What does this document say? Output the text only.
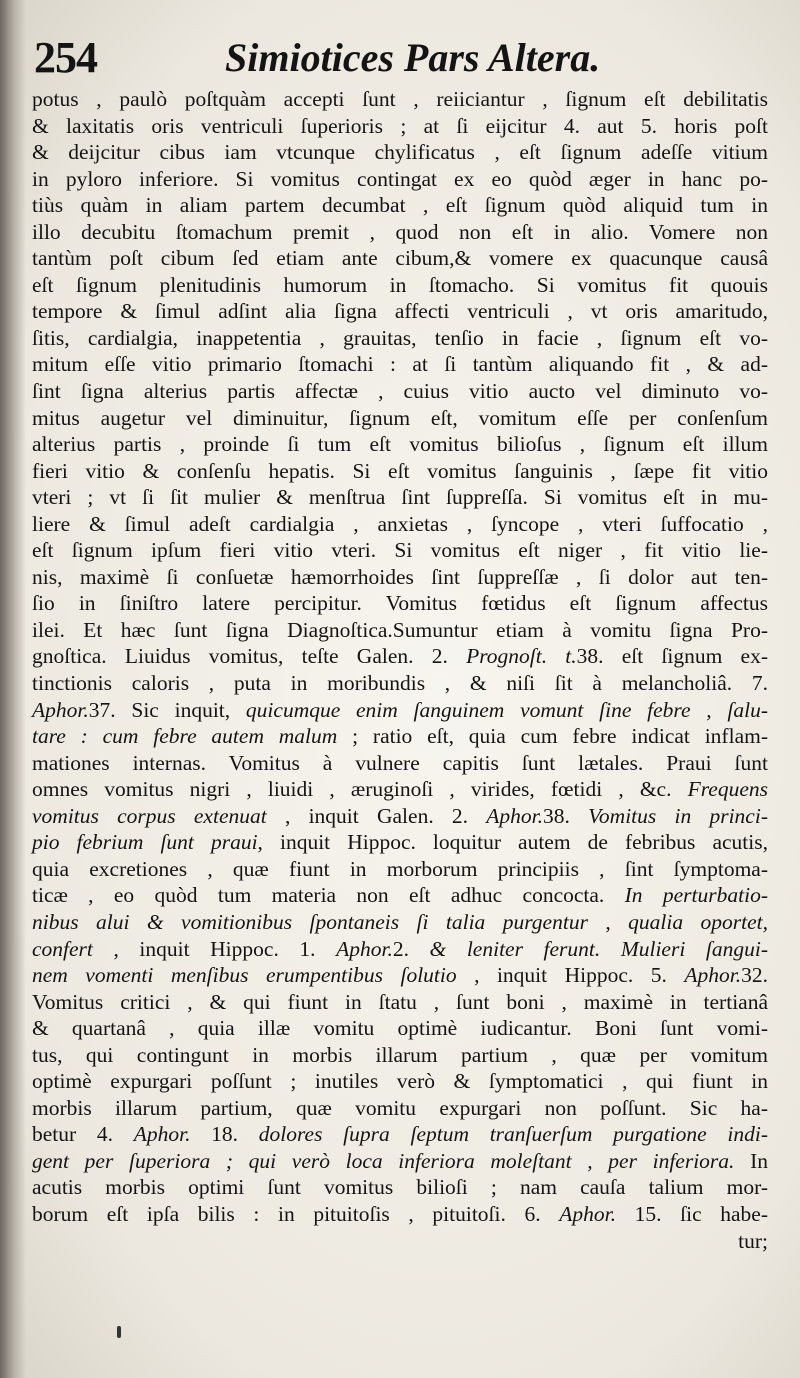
254	Simiotices Pars Altera.
potus , paulò poſtquàm accepti ſunt , reiiciantur , ſignum eſt debilitatis
& laxitatis oris ventriculi ſuperioris ; at ſi eijcitur 4. aut 5. horis poſt
& deijcitur cibus iam vtcunque chylificatus , eſt ſignum adeſſe vitium
in pyloro inferiore. Si vomitus contingat ex eo quòd æger in hanc po-
tiùs quàm in aliam partem decumbat , eſt ſignum quòd aliquid tum in
illo decubitu ſtomachum premit , quod non eſt in alio. Vomere non
tantùm poſt cibum ſed etiam ante cibum,& vomere ex quacunque causâ
eſt ſignum plenitudinis humorum in ſtomacho. Si vomitus fit quouis
tempore & ſimul adſint alia ſigna affecti ventriculi , vt oris amaritudo,
ſitis, cardialgia, inappetentia , grauitas, tenſio in facie , ſignum eſt vo-
mitum eſſe vitio primario ſtomachi : at ſi tantùm aliquando fit , & ad-
ſint ſigna alterius partis affectæ , cuius vitio aucto vel diminuto vo-
mitus augetur vel diminuitur, ſignum eſt, vomitum eſſe per conſenſum
alterius partis , proinde ſi tum eſt vomitus bilioſus , ſignum eſt illum
fieri vitio & conſenſu hepatis. Si eſt vomitus ſanguinis , ſæpe fit vitio
vteri ; vt ſi ſit mulier & menſtrua ſint ſuppreſſa. Si vomitus eſt in mu-
liere & ſimul adeſt cardialgia , anxietas , ſyncope , vteri ſuffocatio ,
eſt ſignum ipſum fieri vitio vteri. Si vomitus eſt niger , fit vitio lie-
nis, maximè ſi conſuetæ hæmorrhoides ſint ſuppreſſæ , ſi dolor aut ten-
ſio in ſiniſtro latere percipitur. Vomitus fœtidus eſt ſignum affectus
ilei. Et hæc ſunt ſigna Diagnoſtica.Sumuntur etiam à vomitu ſigna Pro-
gnoſtica. Liuidus vomitus, teſte Galen. 2. Prognoſt. t.38. eſt ſignum ex-
tinctionis caloris , puta in moribundis , & niſi ſit à melancholiâ. 7.
Aphor.37. Sic inquit, quicumque enim ſanguinem vomunt ſine febre , ſalu-
tare : cum febre autem malum ; ratio eſt, quia cum febre indicat inflam-
mationes internas. Vomitus à vulnere capitis ſunt lætales. Praui ſunt
omnes vomitus nigri , liuidi , æruginoſi , virides, fœtidi , &c. Frequens
vomitus corpus extenuat , inquit Galen. 2. Aphor.38. Vomitus in princi-
pio febrium ſunt praui, inquit Hippoc. loquitur autem de febribus acutis,
quia excretiones , quæ fiunt in morborum principiis , ſint ſymptoma-
ticæ , eo quòd tum materia non eſt adhuc concocta. In perturbatio-
nibus alui & vomitionibus ſpontaneis ſi talia purgentur , qualia oportet,
confert , inquit Hippoc. 1. Aphor.2. & leniter ferunt. Mulieri ſangui-
nem vomenti menſibus erumpentibus ſolutio , inquit Hippoc. 5. Aphor.32.
Vomitus critici , & qui fiunt in ſtatu , ſunt boni , maximè in tertianâ
& quartanâ , quia illæ vomitu optimè iudicantur. Boni ſunt vomi-
tus, qui contingunt in morbis illarum partium , quæ per vomitum
optimè expurgari poſſunt ; inutiles verò & ſymptomatici , qui fiunt in
morbis illarum partium, quæ vomitu expurgari non poſſunt. Sic ha-
betur 4. Aphor. 18. dolores ſupra ſeptum tranſuerſum purgatione indi-
gent per ſuperiora ; qui verò loca inferiora moleſtant , per inferiora. In
acutis morbis optimi ſunt vomitus bilioſi ; nam cauſa talium mor-
borum eſt ipſa bilis : in pituitoſis , pituitoſi. 6. Aphor. 15. ſic habe-
tur;
